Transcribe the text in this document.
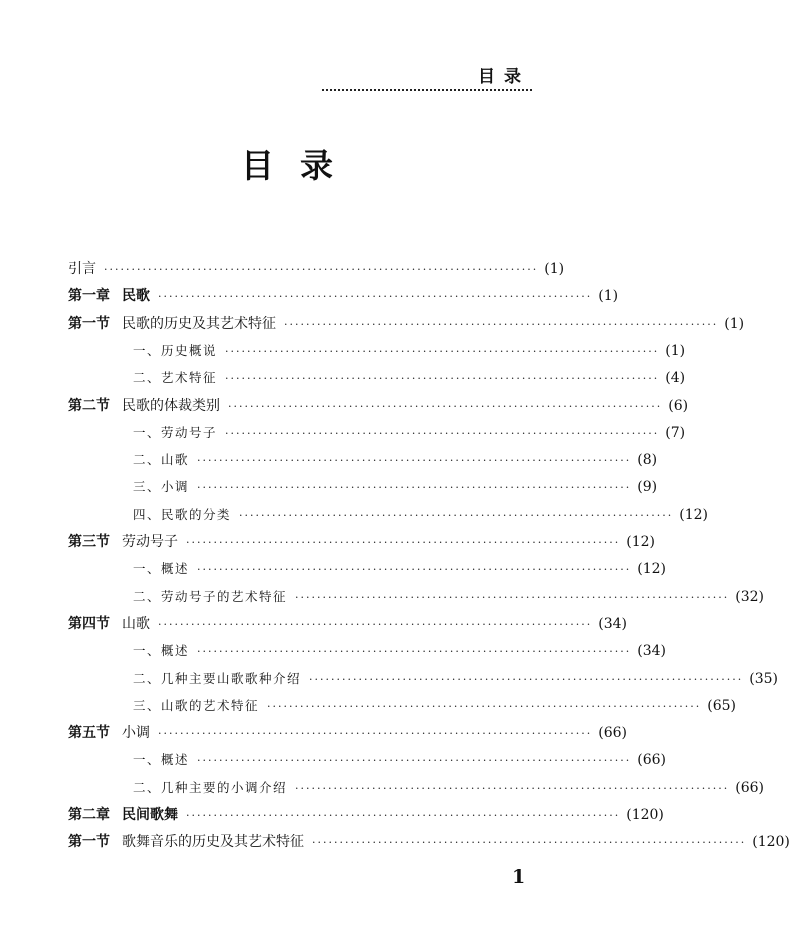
目录
目录
引言 ··············································································· (1)
第一章 民歌 ··············································································· (1)
第一节 民歌的历史及其艺术特征 ··············································································· (1)
一、历史概说 ··············································································· (1)
二、艺术特征 ··············································································· (4)
第二节 民歌的体裁类别 ··············································································· (6)
一、劳动号子 ··············································································· (7)
二、山歌 ··············································································· (8)
三、小调 ··············································································· (9)
四、民歌的分类 ··············································································· (12)
第三节 劳动号子 ··············································································· (12)
一、概述 ··············································································· (12)
二、劳动号子的艺术特征 ··············································································· (32)
第四节 山歌 ··············································································· (34)
一、概述 ··············································································· (34)
二、几种主要山歌歌种介绍 ··············································································· (35)
三、山歌的艺术特征 ··············································································· (65)
第五节 小调 ··············································································· (66)
一、概述 ··············································································· (66)
二、几种主要的小调介绍 ··············································································· (66)
第二章 民间歌舞 ··············································································· (120)
第一节 歌舞音乐的历史及其艺术特征 ··············································································· (120)
1
